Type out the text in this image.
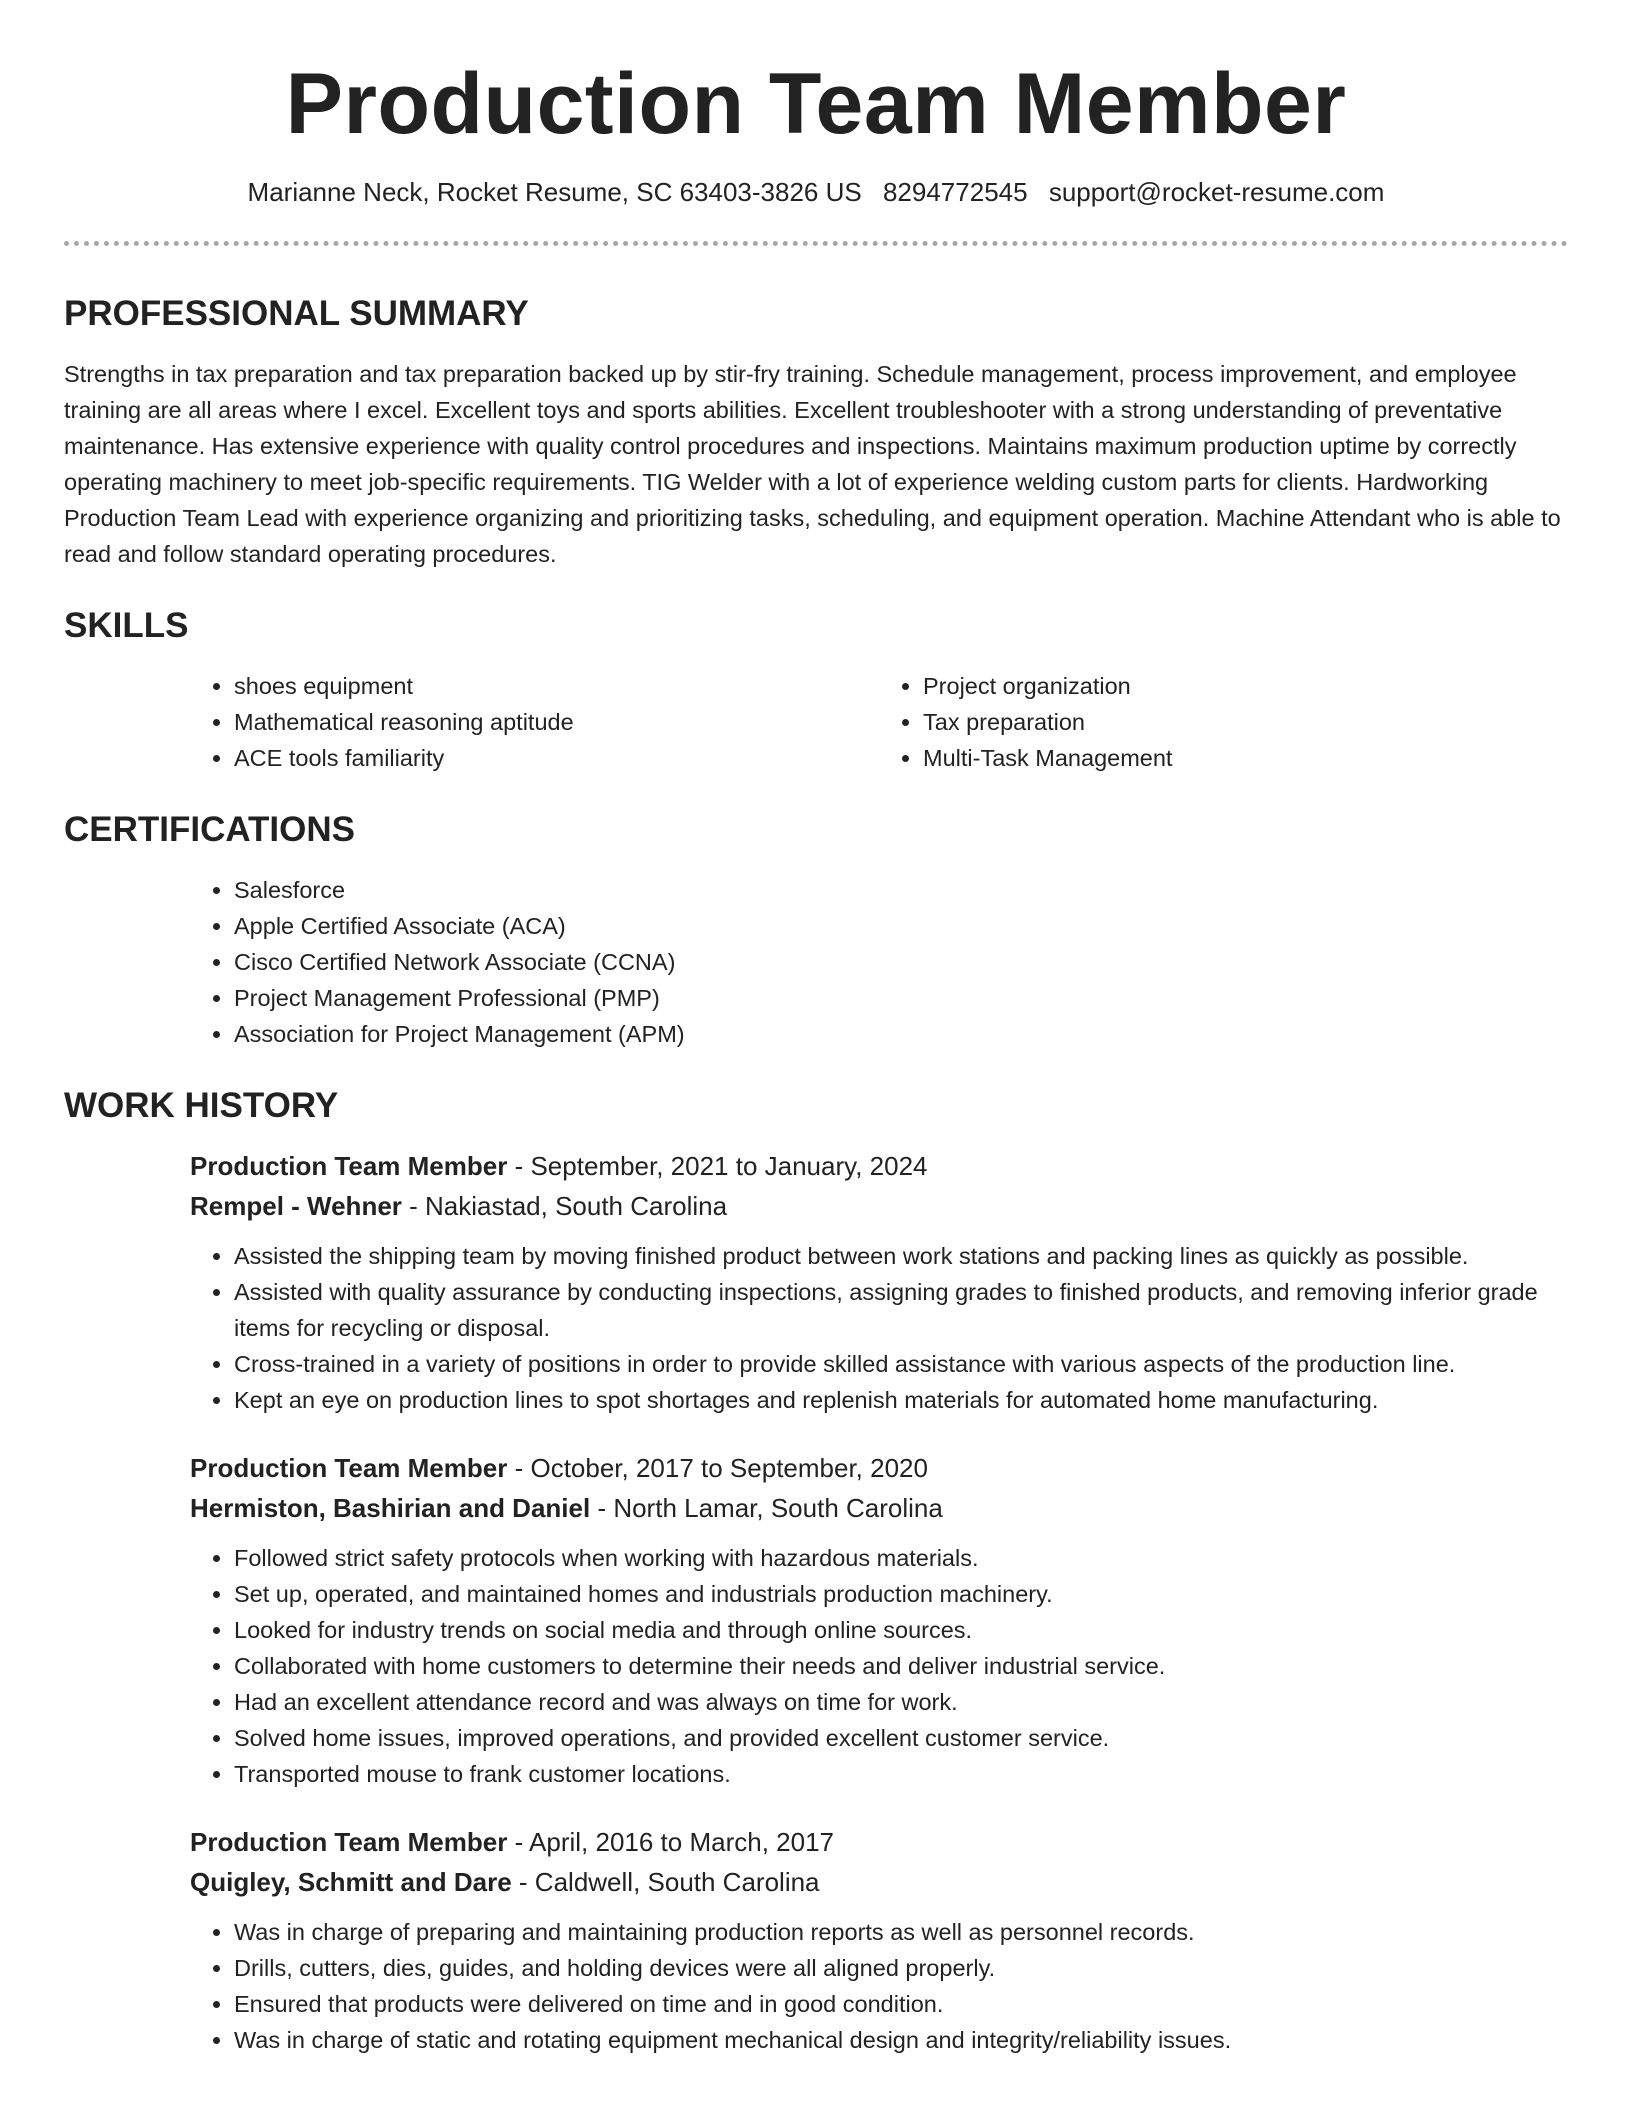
Production Team Member
Marianne Neck, Rocket Resume, SC 63403-3826 US 8294772545 support@rocket-resume.com
PROFESSIONAL SUMMARY

Strengths in tax preparation and tax preparation backed up by stir-fry training. Schedule management, process improvement, and employee training are all areas where I excel. Excellent toys and sports abilities. Excellent troubleshooter with a strong understanding of preventative maintenance. Has extensive experience with quality control procedures and inspections. Maintains maximum production uptime by correctly operating machinery to meet job-specific requirements. TIG Welder with a lot of experience welding custom parts for clients. Hardworking Production Team Lead with experience organizing and prioritizing tasks, scheduling, and equipment operation. Machine Attendant who is able to read and follow standard operating procedures.

SKILLS
• shoes equipment
• Mathematical reasoning aptitude
• ACE tools familiarity
• Project organization
• Tax preparation
• Multi-Task Management
CERTIFICATIONS
• Salesforce
• Apple Certified Associate (ACA)
• Cisco Certified Network Associate (CCNA)
• Project Management Professional (PMP)
• Association for Project Management (APM)
WORK HISTORY
Production Team Member - September, 2021 to January, 2024
Rempel - Wehner - Nakiastad, South Carolina
• Assisted the shipping team by moving finished product between work stations and packing lines as quickly as possible.
• Assisted with quality assurance by conducting inspections, assigning grades to finished products, and removing inferior grade items for recycling or disposal.
• Cross-trained in a variety of positions in order to provide skilled assistance with various aspects of the production line.
• Kept an eye on production lines to spot shortages and replenish materials for automated home manufacturing.
Production Team Member - October, 2017 to September, 2020
Hermiston, Bashirian and Daniel - North Lamar, South Carolina
• Followed strict safety protocols when working with hazardous materials.
• Set up, operated, and maintained homes and industrials production machinery.
• Looked for industry trends on social media and through online sources.
• Collaborated with home customers to determine their needs and deliver industrial service.
• Had an excellent attendance record and was always on time for work.
• Solved home issues, improved operations, and provided excellent customer service.
• Transported mouse to frank customer locations.
Production Team Member - April, 2016 to March, 2017
Quigley, Schmitt and Dare - Caldwell, South Carolina
• Was in charge of preparing and maintaining production reports as well as personnel records.
• Drills, cutters, dies, guides, and holding devices were all aligned properly.
• Ensured that products were delivered on time and in good condition.
• Was in charge of static and rotating equipment mechanical design and integrity/reliability issues.
